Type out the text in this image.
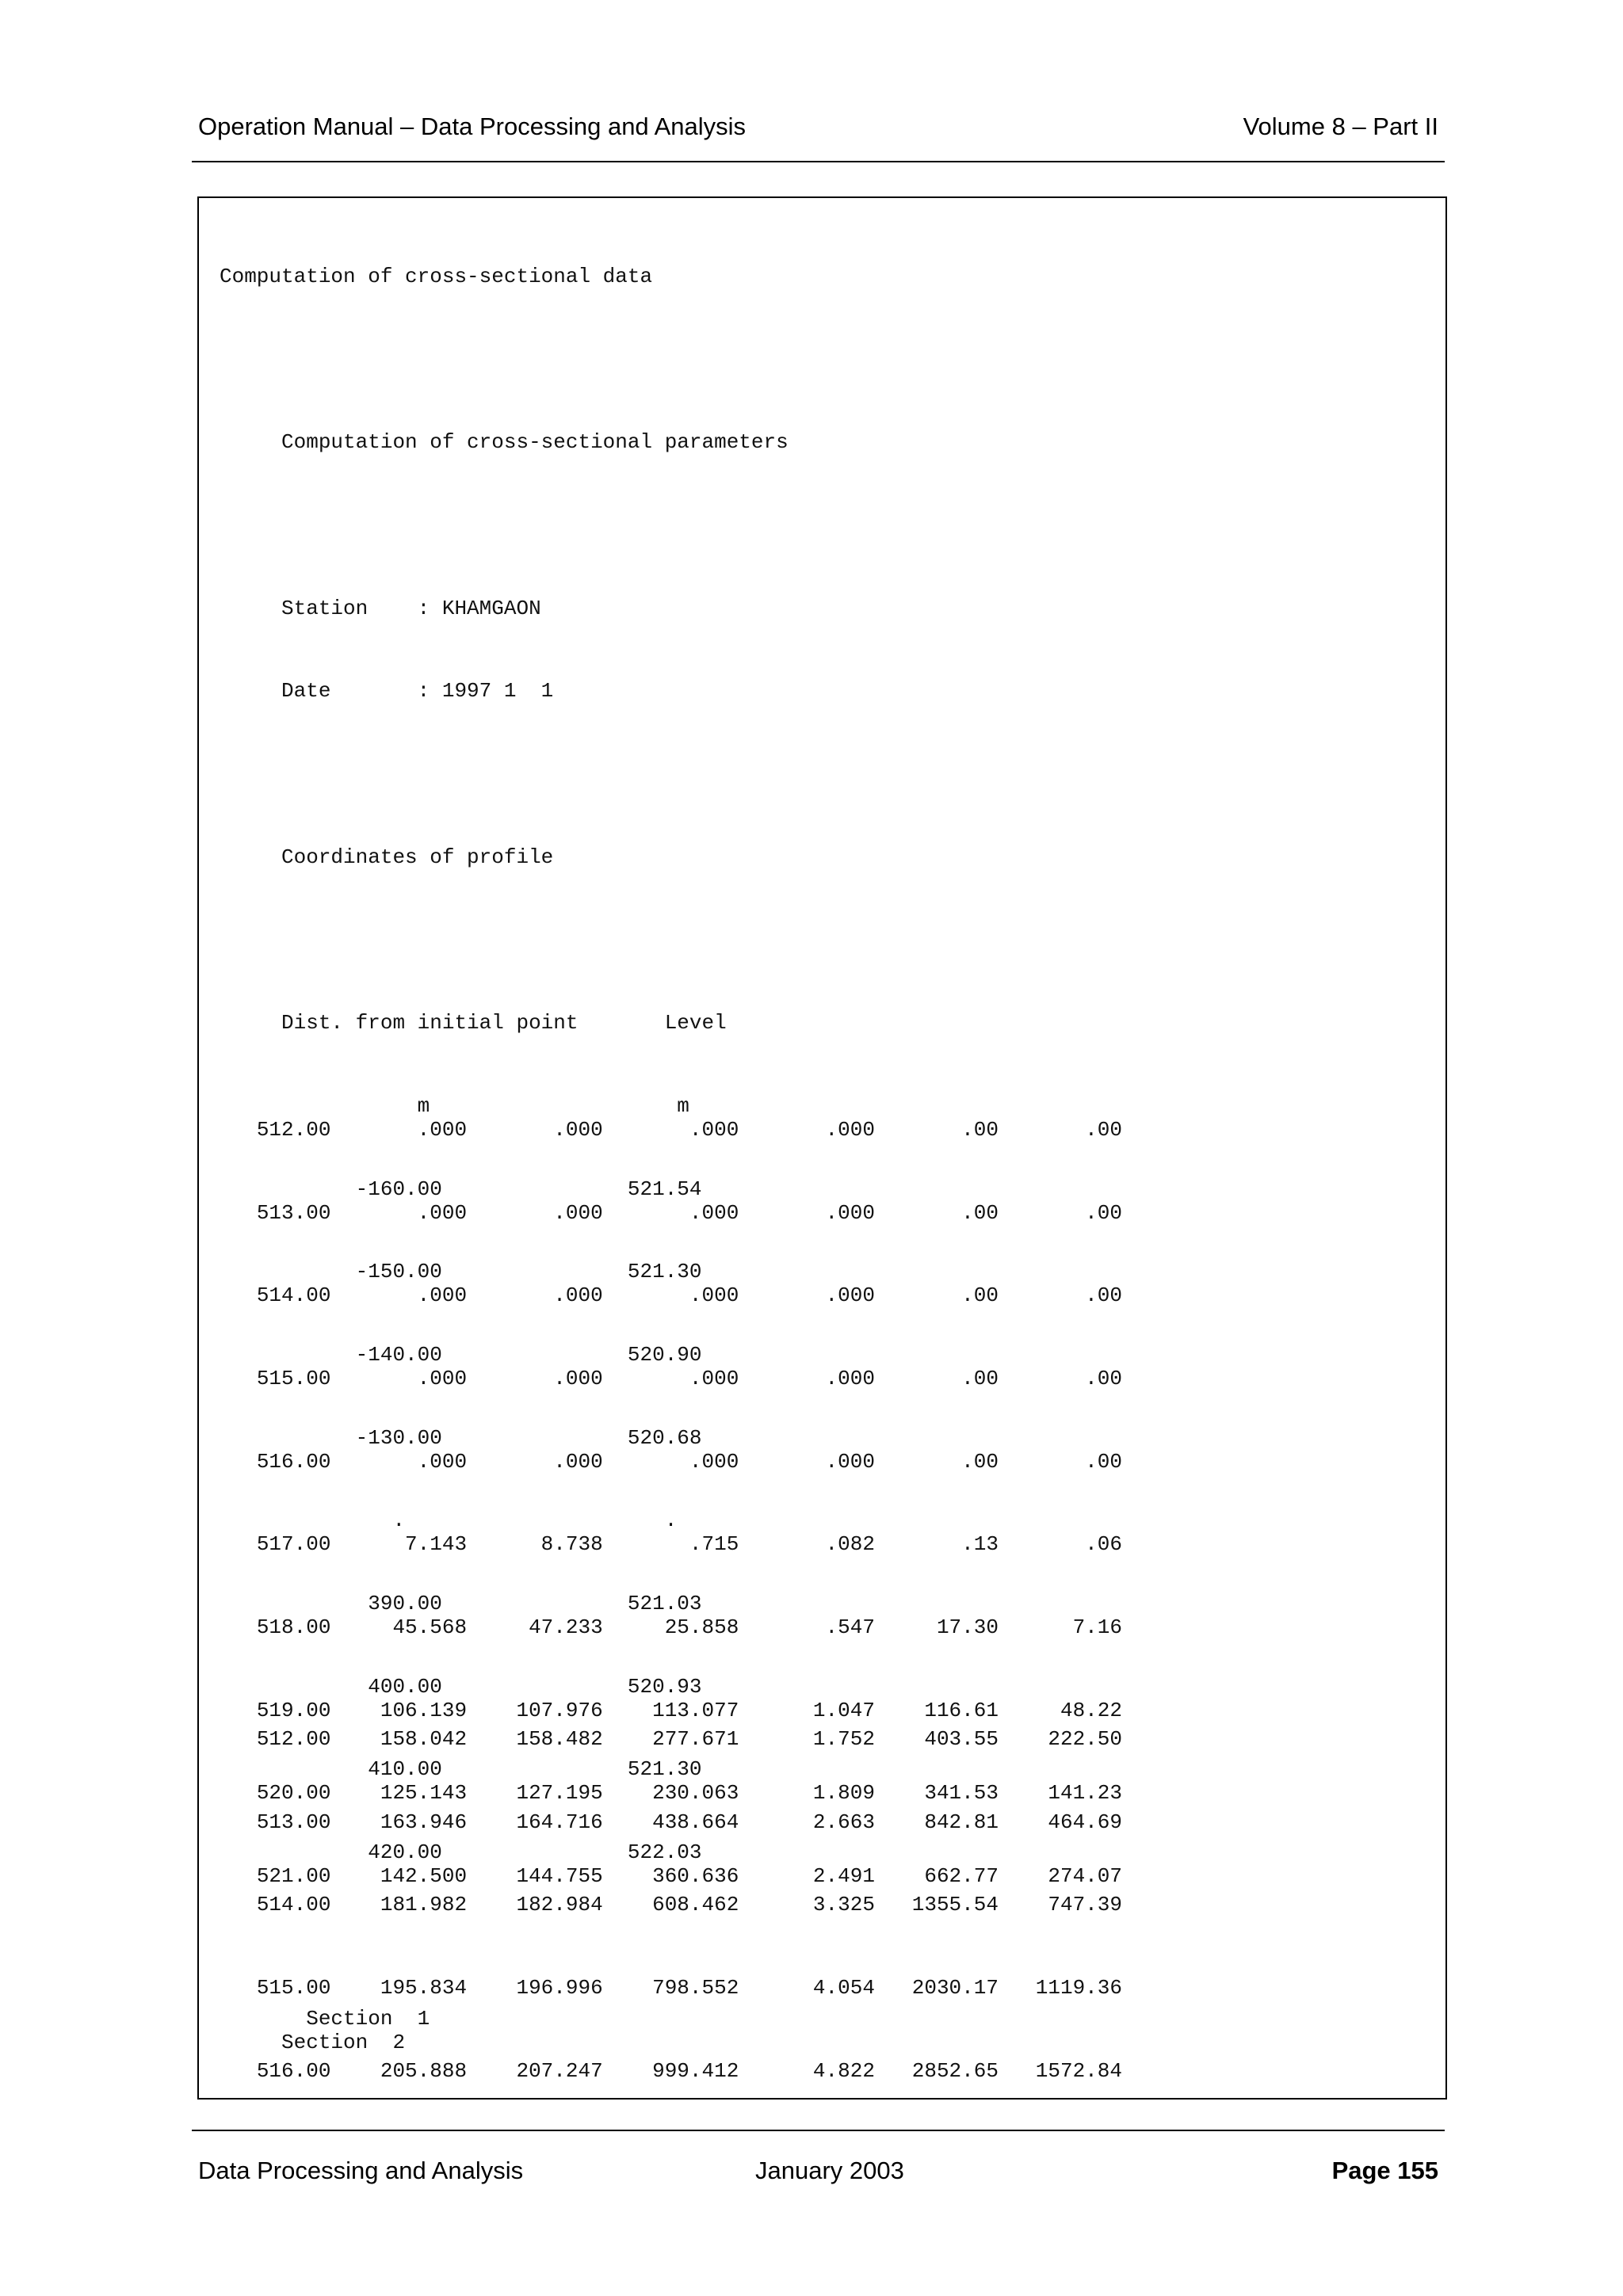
Operation Manual – Data Processing and Analysis	Volume 8 – Part II

Computation of cross-sectional data

Computation of cross-sectional parameters

Station    : KHAMGAON

Date       : 1997 1  1

Coordinates of profile

Dist. from initial point       Level

m                    m

-160.00               521.54

-150.00               521.30

-140.00               520.90

-130.00               520.68

.                     .

390.00               521.03

400.00               520.93

410.00               521.30

420.00               522.03

Section  1

512.00       .000       .000       .000       .000       .00       .00

513.00       .000       .000       .000       .000       .00       .00

514.00       .000       .000       .000       .000       .00       .00

515.00       .000       .000       .000       .000       .00       .00

516.00       .000       .000       .000       .000       .00       .00

517.00      7.143      8.738       .715       .082       .13       .06

518.00     45.568     47.233     25.858       .547     17.30      7.16

519.00    106.139    107.976    113.077      1.047    116.61     48.22

520.00    125.143    127.195    230.063      1.809    341.53    141.23

521.00    142.500    144.755    360.636      2.491    662.77    274.07

Section  2

512.00    158.042    158.482    277.671      1.752    403.55    222.50

513.00    163.946    164.716    438.664      2.663    842.81    464.69

514.00    181.982    182.984    608.462      3.325   1355.54    747.39

515.00    195.834    196.996    798.552      4.054   2030.17   1119.36

516.00    205.888    207.247    999.412      4.822   2852.65   1572.84

Data Processing and Analysis	January 2003	Page 155
